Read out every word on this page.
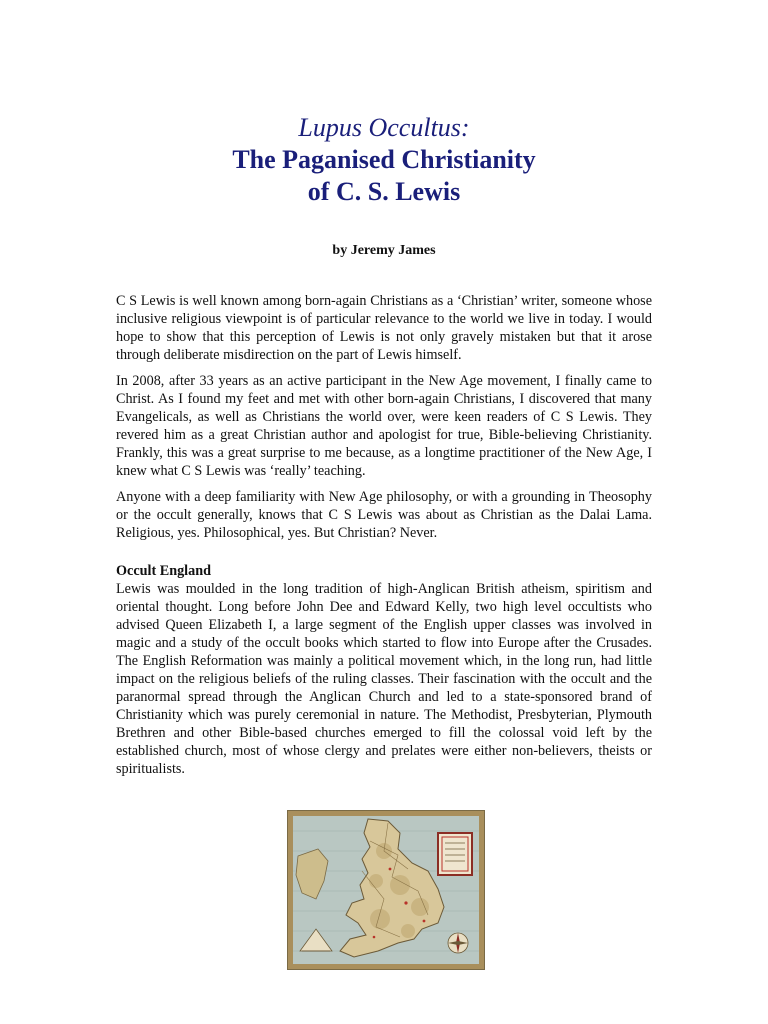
Lupus Occultus:
The Paganised Christianity
of C. S. Lewis
by Jeremy James

C S Lewis is well known among born-again Christians as a ‘Christian’ writer, someone whose inclusive religious viewpoint is of particular relevance to the world we live in today. I would hope to show that this perception of Lewis is not only gravely mistaken but that it arose through deliberate misdirection on the part of Lewis himself.

In 2008, after 33 years as an active participant in the New Age movement, I finally came to Christ. As I found my feet and met with other born-again Christians, I discovered that many Evangelicals, as well as Christians the world over, were keen readers of C S Lewis. They revered him as a great Christian author and apologist for true, Bible-believing Christianity. Frankly, this was a great surprise to me because, as a longtime practitioner of the New Age, I knew what C S Lewis was ‘really’ teaching.

Anyone with a deep familiarity with New Age philosophy, or with a grounding in Theosophy or the occult generally, knows that C S Lewis was about as Christian as the Dalai Lama. Religious, yes. Philosophical, yes. But Christian? Never.

Occult England

Lewis was moulded in the long tradition of high-Anglican British atheism, spiritism and oriental thought. Long before John Dee and Edward Kelly, two high level occultists who advised Queen Elizabeth I, a large segment of the English upper classes was involved in magic and a study of the occult books which started to flow into Europe after the Crusades. The English Reformation was mainly a political movement which, in the long run, had little impact on the religious beliefs of the ruling classes. Their fascination with the occult and the paranormal spread through the Anglican Church and led to a state-sponsored brand of Christianity which was purely ceremonial in nature. The Methodist, Presbyterian, Plymouth Brethren and other Bible-based churches emerged to fill the colossal void left by the established church, most of whose clergy and prelates were either non-believers, theists or spiritualists.
